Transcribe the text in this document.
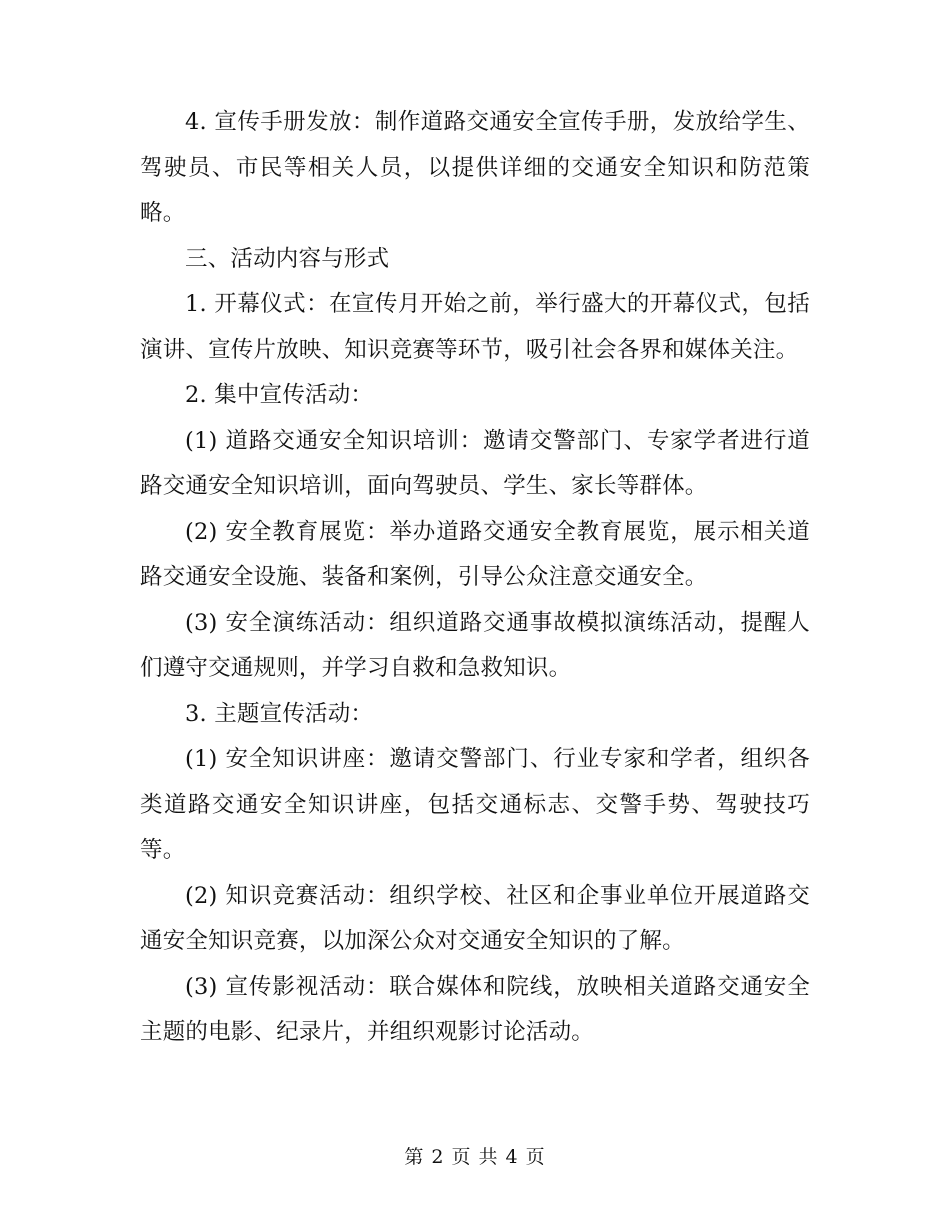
4. 宣传手册发放：制作道路交通安全宣传手册，发放给学生、驾驶员、市民等相关人员，以提供详细的交通安全知识和防范策略。

三、活动内容与形式

1. 开幕仪式：在宣传月开始之前，举行盛大的开幕仪式，包括演讲、宣传片放映、知识竞赛等环节，吸引社会各界和媒体关注。

2. 集中宣传活动：

(1) 道路交通安全知识培训：邀请交警部门、专家学者进行道路交通安全知识培训，面向驾驶员、学生、家长等群体。

(2) 安全教育展览：举办道路交通安全教育展览，展示相关道路交通安全设施、装备和案例，引导公众注意交通安全。

(3) 安全演练活动：组织道路交通事故模拟演练活动，提醒人们遵守交通规则，并学习自救和急救知识。

3. 主题宣传活动：

(1) 安全知识讲座：邀请交警部门、行业专家和学者，组织各类道路交通安全知识讲座，包括交通标志、交警手势、驾驶技巧等。

(2) 知识竞赛活动：组织学校、社区和企事业单位开展道路交通安全知识竞赛，以加深公众对交通安全知识的了解。

(3) 宣传影视活动：联合媒体和院线，放映相关道路交通安全主题的电影、纪录片，并组织观影讨论活动。

第 2 页 共 4 页
